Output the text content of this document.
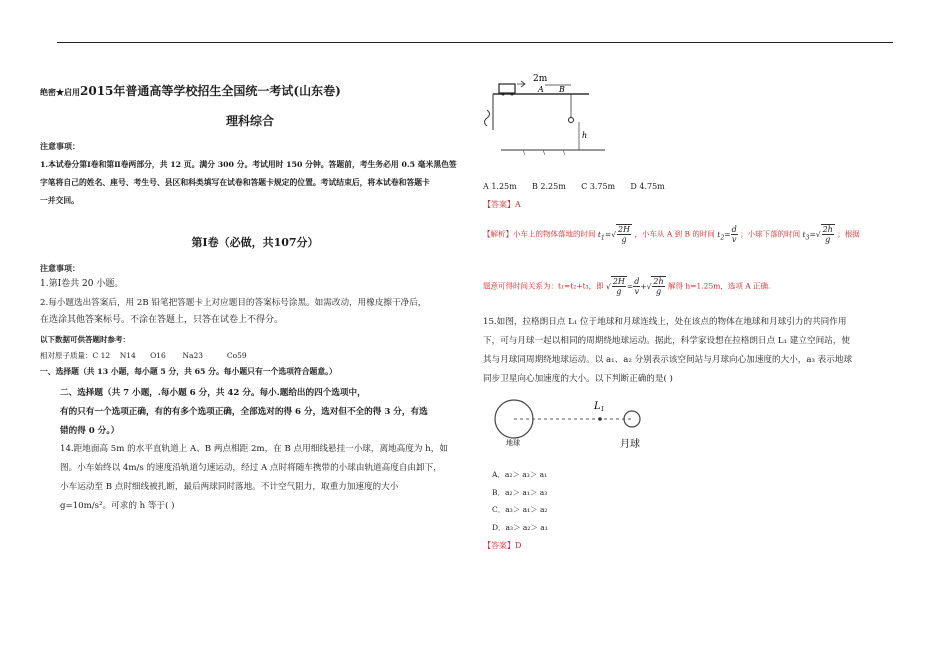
绝密★启用2015年普通高等学校招生全国统一考试(山东卷)
理科综合
注意事项：
1.本试卷分第Ⅰ卷和第Ⅱ卷两部分，共 12 页。满分 300 分。考试用时 150 分钟。答题前，考生务必用 0.5 毫米黑色签
字笔将自己的姓名、座号、考生号、县区和科类填写在试卷和答题卡规定的位置。考试结束后，将本试卷和答题卡
一并交回。
第Ⅰ卷（必做，共107分）
注意事项：
1.第Ⅰ卷共 20 小题。
2.每小题选出答案后，用 2B 铅笔把答题卡上对应题目的答案标号涂黑。如需改动，用橡皮擦干净后，
在选涂其他答案标号。不涂在答题上，只答在试卷上不得分。
以下数据可供答题时参考：
相对原子质量：C 12    N14      O16       Na23          Co59
一、选择题（共 13 小题，每小题 5 分，共 65 分。每小题只有一个选项符合题意。）
二、选择题（共 7 小题，.每小题 6 分，共 42 分。每小.题给出的四个选项中，
有的只有一个选项正确，有的有多个选项正确，全部选对的得 6 分，选对但不全的得 3 分，有选
错的得 0 分。）
14.距地面高 5m 的水平直轨道上 A、B 两点相距 2m，在 B 点用细线悬挂一小球，离地高度为 h，如
图。小车始终以 4m/s 的速度沿轨道匀速运动，经过 A 点时将随车携带的小球由轨道高度自由卸下，
小车运动至 B 点时细线被扎断，最后两球同时落地。不计空气阻力，取重力加速度的大小
g=10m/s²。可求的 h 等于( )
2m
A B
h
A 1.25m B 2.25m C 3.75m D 4.75m
【答案】A
【解析】小车上的物体落地的时间 $t_1=√ \frac{2H}{g}$ ，小车从 A 到 B 的时间 $t_2= \frac{d}{v}$ ；小球下落的时间 $t_3=√ \frac{2h}{g}$ ；根据
题意可得时间关系为：t₁=t₂+t₃，即 √ $\frac{2H}{g} = \frac{d}{v}$ +√ $\frac{2h}{g}$ 解得 h=1.25m，选项 A 正确.
15.如图，拉格朗日点 L₁ 位于地球和月球连线上，处在该点的物体在地球和月球引力的共同作用
下，可与月球一起以相同的周期绕地球运动。据此，科学家设想在拉格朗日点 L₁ 建立空间站，使
其与月球同周期绕地球运动。以 a₁、a₂ 分别表示该空间站与月球向心加速度的大小，a₃ 表示地球
同步卫星向心加速度的大小。以下判断正确的是( )
$L_1$
地球	月球
A．a₂＞ a₃＞ a₁
B．a₂＞ a₁＞ a₃
C．a₃＞ a₁＞ a₂
D．a₃＞ a₂＞ a₁
【答案】D
